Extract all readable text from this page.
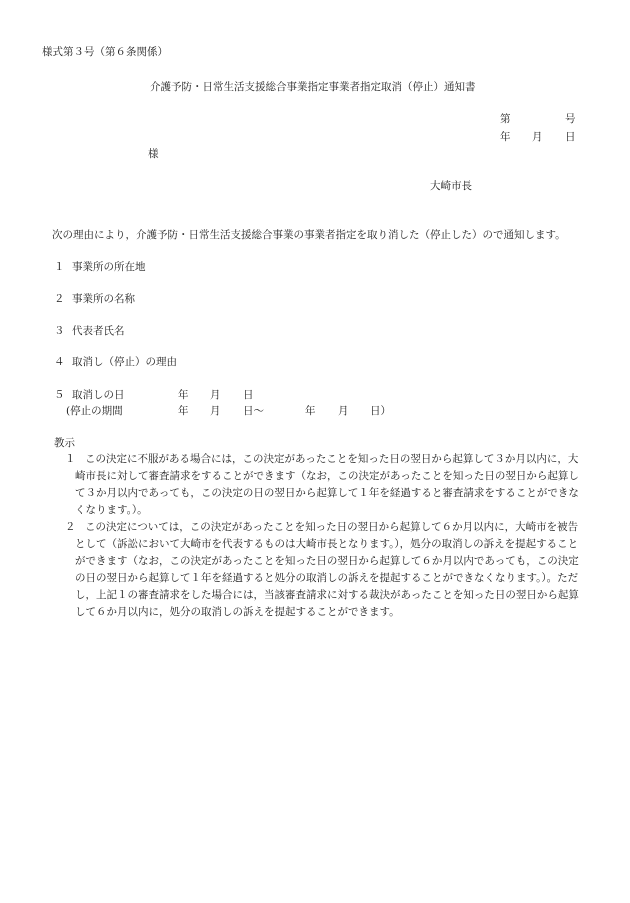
様式第３号（第６条関係）
介護予防・日常生活支援総合事業指定事業者指定取消（停止）通知書
第	号
年 月 日
様
大崎市長
次の理由により，介護予防・日常生活支援総合事業の事業者指定を取り消した（停止した）ので通知します。
１ 事業所の所在地
２ 事業所の名称
３ 代表者氏名
４ 取消し（停止）の理由
５ 取消しの日	年 月 日
(停止の期間	年 月 日～	年 月 日）
教示
１ この決定に不服がある場合には，この決定があったことを知った日の翌日から起算して３か月以内に，大
崎市長に対して審査請求をすることができます（なお，この決定があったことを知った日の翌日から起算し
て３か月以内であっても，この決定の日の翌日から起算して１年を経過すると審査請求をすることができな
くなります。）。
２ この決定については，この決定があったことを知った日の翌日から起算して６か月以内に，大崎市を被告
として（訴訟において大崎市を代表するものは大崎市長となります。），処分の取消しの訴えを提起すること
ができます（なお，この決定があったことを知った日の翌日から起算して６か月以内であっても，この決定
の日の翌日から起算して１年を経過すると処分の取消しの訴えを提起することができなくなります。）。ただ
し，上記１の審査請求をした場合には，当該審査請求に対する裁決があったことを知った日の翌日から起算
して６か月以内に，処分の取消しの訴えを提起することができます。
